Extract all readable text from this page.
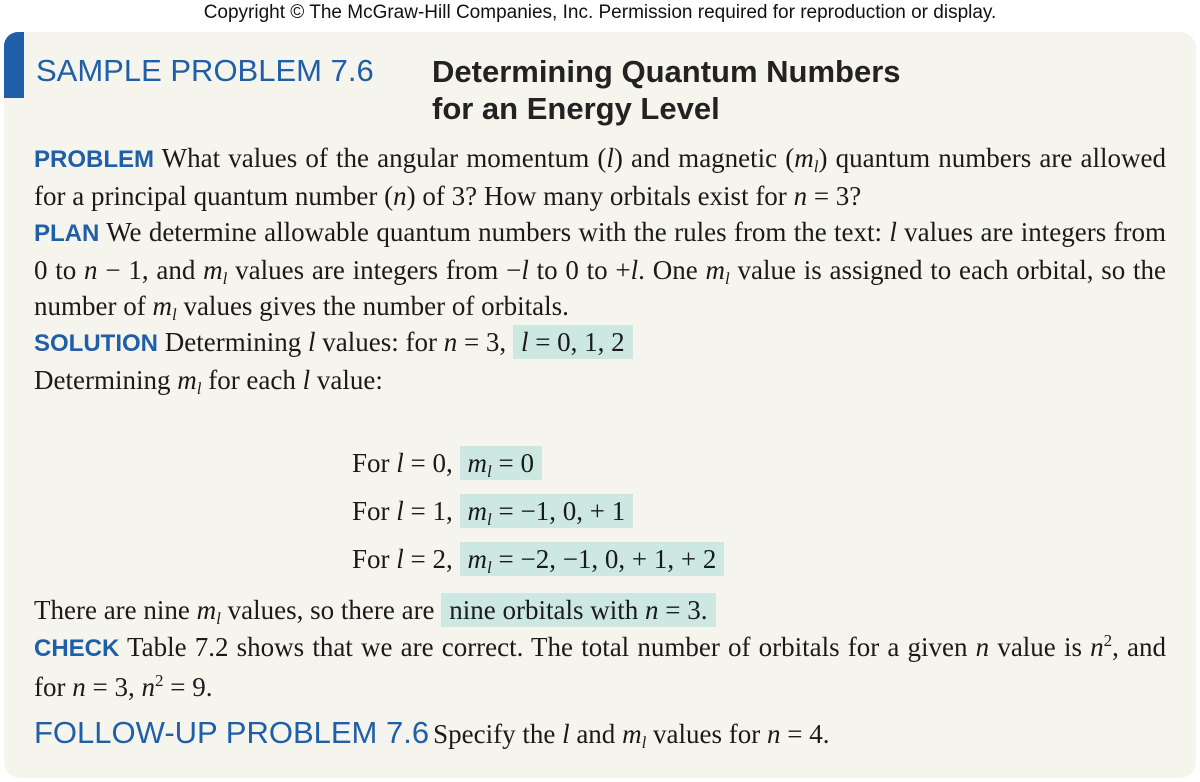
Copyright © The McGraw-Hill Companies, Inc. Permission required for reproduction or display.
SAMPLE PROBLEM 7.6 Determining Quantum Numbers
for an Energy Level
PROBLEM What values of the angular momentum (l) and magnetic $(m_l)$ quantum numbers are allowed for a principal quantum number (n) of 3? How many orbitals exist for n = 3?
PLAN We determine allowable quantum numbers with the rules from the text: l values are integers from 0 to n − 1, and $m_l$ values are integers from −l to 0 to +l. One $m_l$ value is assigned to each orbital, so the number of $m_l$ values gives the number of orbitals.
SOLUTION Determining l values: for n = 3, l = 0, 1, 2
Determining $m_l$ for each l value:
For l = 0, $m_l = 0$
For l = 1, $m_l = -1$, 0, + 1
For l = 2, $m_l = -2$, −1, 0, + 1, + 2
There are nine $m_l$ values, so there are nine orbitals with n = 3.
CHECK Table 7.2 shows that we are correct. The total number of orbitals for a given n value is $n^2$, and for n = 3, $n^2 = 9$.
FOLLOW-UP PROBLEM 7.6 Specify the l and $m_l$ values for n = 4.
